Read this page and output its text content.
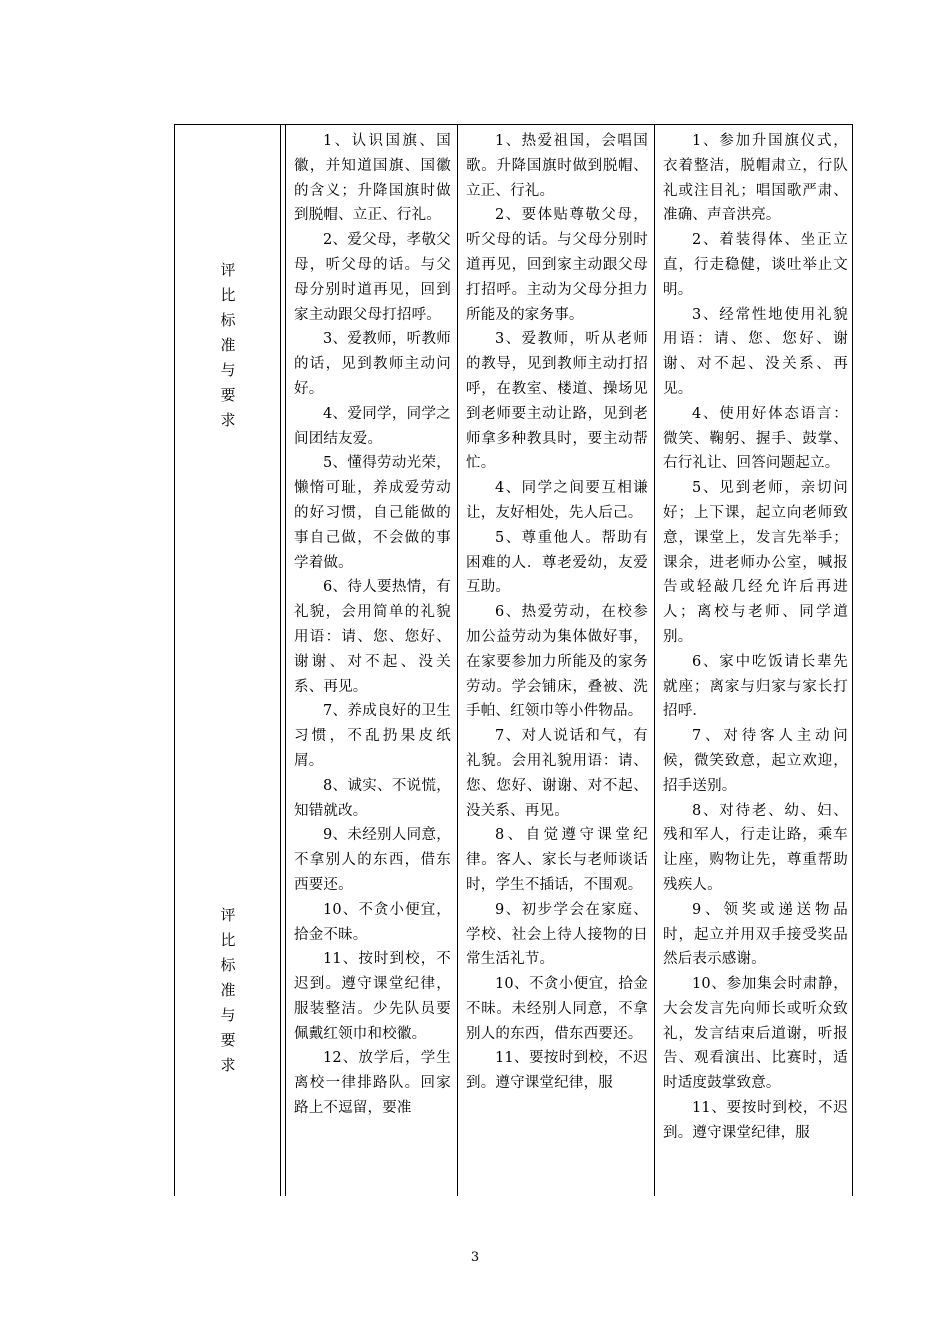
评
比
标
准
与
要
求
评
比
标
准
与
要
求

1、认识国旗、国徽，并知道国旗、国徽的含义；升降国旗时做到脱帽、立正、行礼。

2、爱父母，孝敬父母，听父母的话。与父母分别时道再见，回到家主动跟父母打招呼。

3、爱教师，听教师的话，见到教师主动问好。

4、爱同学，同学之间团结友爱。

5、懂得劳动光荣，懒惰可耻，养成爱劳动的好习惯，自己能做的事自己做，不会做的事学着做。

6、待人要热情，有礼貌，会用简单的礼貌用语：请、您、您好、谢谢、对不起、没关系、再见。

7、养成良好的卫生习惯，不乱扔果皮纸屑。

8、诚实、不说慌，知错就改。

9、未经别人同意，不拿别人的东西，借东西要还。

10、不贪小便宜，拾金不昧。

11、按时到校，不迟到。遵守课堂纪律，服装整洁。少先队员要佩戴红领巾和校徽。

12、放学后，学生离校一律排路队。回家路上不逗留，要准

1、热爱祖国，会唱国歌。升降国旗时做到脱帽、立正、行礼。

2、要体贴尊敬父母，听父母的话。与父母分别时道再见，回到家主动跟父母打招呼。主动为父母分担力所能及的家务事。

3、爱教师，听从老师的教导，见到教师主动打招呼，在教室、楼道、操场见到老师要主动让路，见到老师拿多种教具时，要主动帮忙。

4、同学之间要互相谦让，友好相处，先人后己。

5、尊重他人。帮助有困难的人．尊老爱幼，友爱互助。

6、热爱劳动，在校参加公益劳动为集体做好事，在家要参加力所能及的家务劳动。学会铺床，叠被、洗手帕、红领巾等小件物品。

7、对人说话和气，有礼貌。会用礼貌用语：请、您、您好、谢谢、对不起、没关系、再见。

8、自觉遵守课堂纪律。客人、家长与老师谈话时，学生不插话，不围观。

9、初步学会在家庭、学校、社会上待人接物的日常生活礼节。

10、不贪小便宜，拾金不昧。未经别人同意，不拿别人的东西，借东西要还。

11、要按时到校，不迟到。遵守课堂纪律，服

1、参加升国旗仪式，衣着整洁，脱帽肃立，行队礼或注目礼；唱国歌严肃、准确、声音洪亮。

2、着装得体、坐正立直，行走稳健，谈吐举止文明。

3、经常性地使用礼貌用语：请、您、您好、谢谢、对不起、没关系、再见。

4、使用好体态语言：微笑、鞠躬、握手、鼓掌、右行礼让、回答问题起立。

5、见到老师，亲切问好；上下课，起立向老师致意，课堂上，发言先举手；课余，进老师办公室，喊报告或轻敲几经允许后再进人；离校与老师、同学道别。

6、家中吃饭请长辈先就座；离家与归家与家长打招呼．

7、对待客人主动问候，微笑致意，起立欢迎，招手送别。

8、对待老、幼、妇、残和军人，行走让路，乘车让座，购物让先，尊重帮助残疾人。

9、领奖或递送物品时，起立并用双手接受奖品然后表示感谢。

10、参加集会时肃静，大会发言先向师长或听众致礼，发言结束后道谢，听报告、观看演出、比赛时，适时适度鼓掌致意。

11、要按时到校，不迟到。遵守课堂纪律，服

3
